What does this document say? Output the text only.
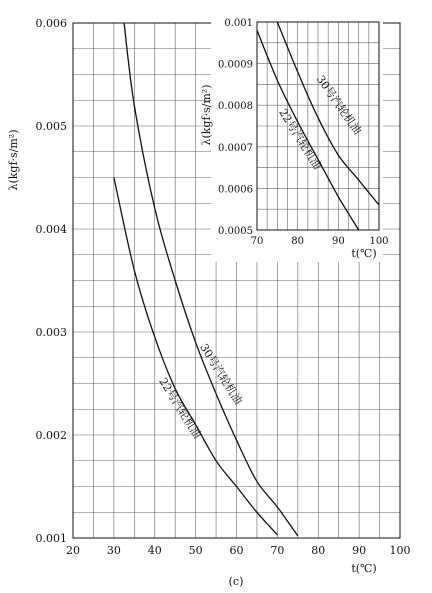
20 30 40 50 60 70 80 90 100
0.001
0.002
0.003
0.004
0.005
0.006
70	80	90 100
0.0005
0.0006
0.0007
0.0008
0.0009
0.001
λ(kgf·s/m²)
t(℃)
λ(kgf·s/m²)
t(℃)
22号汽轮机油
30号汽轮机油
22号汽轮机油
30号汽轮机油
(c)
